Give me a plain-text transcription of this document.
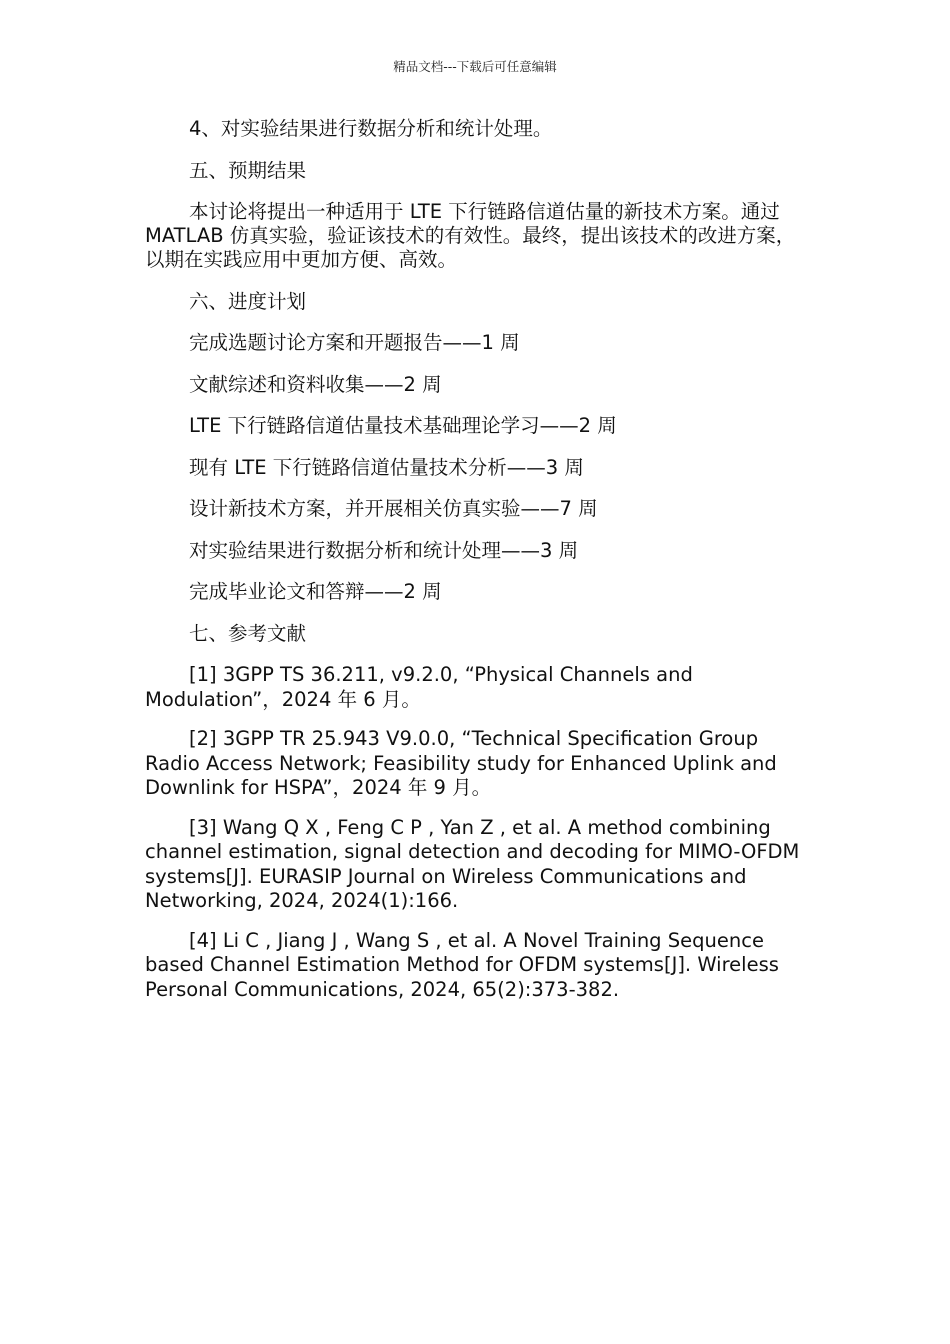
精品文档---下载后可任意编辑

4、对实验结果进行数据分析和统计处理。

五、预期结果

本讨论将提出一种适用于 LTE 下行链路信道估量的新技术方案。通过 MATLAB 仿真实验，验证该技术的有效性。最终，提出该技术的改进方案，以期在实践应用中更加方便、高效。

六、进度计划

完成选题讨论方案和开题报告——1 周

文献综述和资料收集——2 周

LTE 下行链路信道估量技术基础理论学习——2 周

现有 LTE 下行链路信道估量技术分析——3 周

设计新技术方案，并开展相关仿真实验——7 周

对实验结果进行数据分析和统计处理——3 周

完成毕业论文和答辩——2 周

七、参考文献

[1] 3GPP TS 36.211, v9.2.0, “Physical Channels and Modulation”，2024 年 6 月。

[2] 3GPP TR 25.943 V9.0.0, “Technical Specification Group Radio Access Network; Feasibility study for Enhanced Uplink and Downlink for HSPA”，2024 年 9 月。

[3] Wang Q X , Feng C P , Yan Z , et al. A method combining channel estimation, signal detection and decoding for MIMO-OFDM systems[J]. EURASIP Journal on Wireless Communications and Networking, 2024, 2024(1):166.

[4] Li C , Jiang J , Wang S , et al. A Novel Training Sequence based Channel Estimation Method for OFDM systems[J]. Wireless Personal Communications, 2024, 65(2):373-382.
